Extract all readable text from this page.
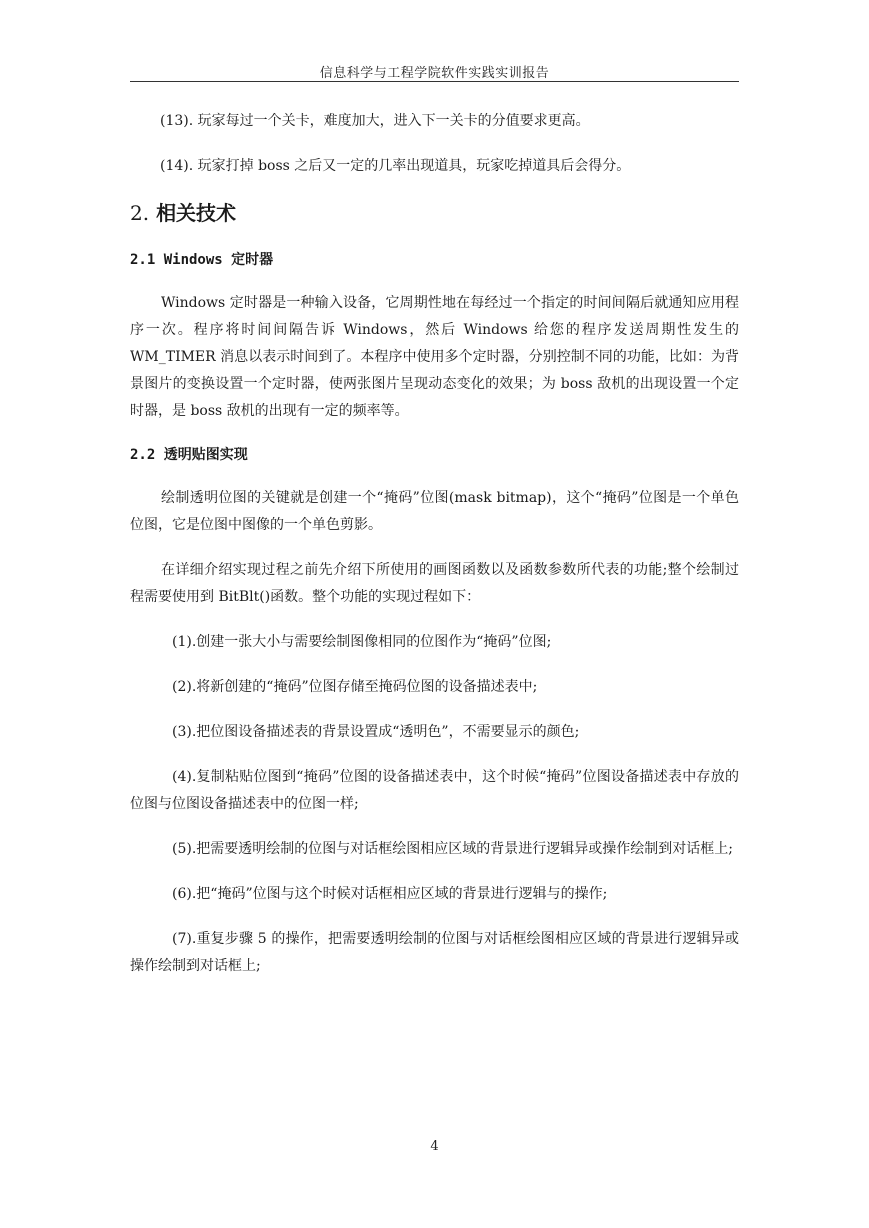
信息科学与工程学院软件实践实训报告

(13). 玩家每过一个关卡，难度加大，进入下一关卡的分值要求更高。

(14). 玩家打掉 boss 之后又一定的几率出现道具，玩家吃掉道具后会得分。

2. 相关技术
2.1 Windows 定时器

Windows 定时器是一种输入设备，它周期性地在每经过一个指定的时间间隔后就通知应用程序一次。程序将时间间隔告诉 Windows，然后 Windows 给您的程序发送周期性发生的 WM_TIMER 消息以表示时间到了。本程序中使用多个定时器，分别控制不同的功能，比如：为背景图片的变换设置一个定时器，使两张图片呈现动态变化的效果；为 boss 敌机的出现设置一个定时器，是 boss 敌机的出现有一定的频率等。

2.2 透明贴图实现

绘制透明位图的关键就是创建一个“掩码”位图(mask bitmap)，这个“掩码”位图是一个单色位图，它是位图中图像的一个单色剪影。

在详细介绍实现过程之前先介绍下所使用的画图函数以及函数参数所代表的功能;整个绘制过程需要使用到 BitBlt()函数。整个功能的实现过程如下：

(1).创建一张大小与需要绘制图像相同的位图作为“掩码”位图;

(2).将新创建的“掩码”位图存储至掩码位图的设备描述表中;

(3).把位图设备描述表的背景设置成“透明色”，不需要显示的颜色;

(4).复制粘贴位图到“掩码”位图的设备描述表中，这个时候“掩码”位图设备描述表中存放的位图与位图设备描述表中的位图一样;

(5).把需要透明绘制的位图与对话框绘图相应区域的背景进行逻辑异或操作绘制到对话框上;

(6).把“掩码”位图与这个时候对话框相应区域的背景进行逻辑与的操作;

(7).重复步骤 5 的操作，把需要透明绘制的位图与对话框绘图相应区域的背景进行逻辑异或操作绘制到对话框上;

4
